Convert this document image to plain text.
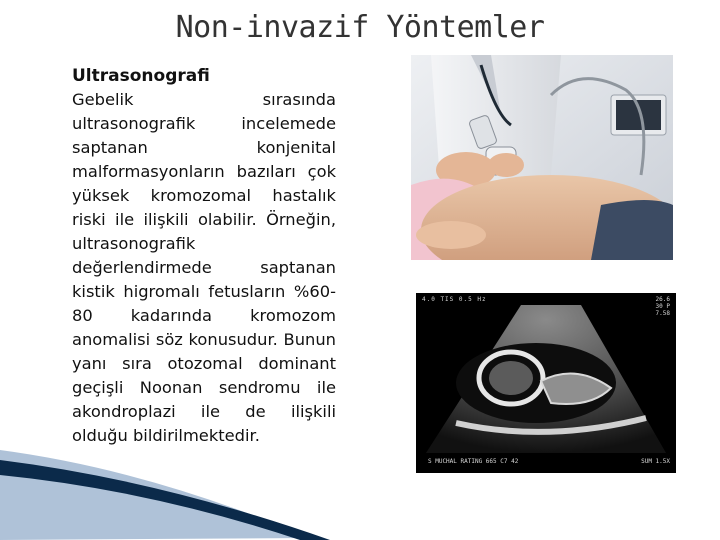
Non-invazif Yöntemler
Ultrasonografi
Gebelik sırasında ultrasonografik incelemede saptanan konjenital malformasyonların bazıları çok yüksek kromozomal hastalık riski ile ilişkili olabilir. Örneğin, ultrasonografik değerlendirmede saptanan kistik higromalı fetusların %60-80 kadarında kromozom anomalisi söz konusudur. Bunun yanı sıra otozomal dominant geçişli Noonan sendromu ile akondroplazi ile de ilişkili olduğu bildirilmektedir.
4.0 TIS 0.5 Hz	26.6
30 P
7.58
S MUCHAL RATING 665 C7 42	SUM 1.5X
